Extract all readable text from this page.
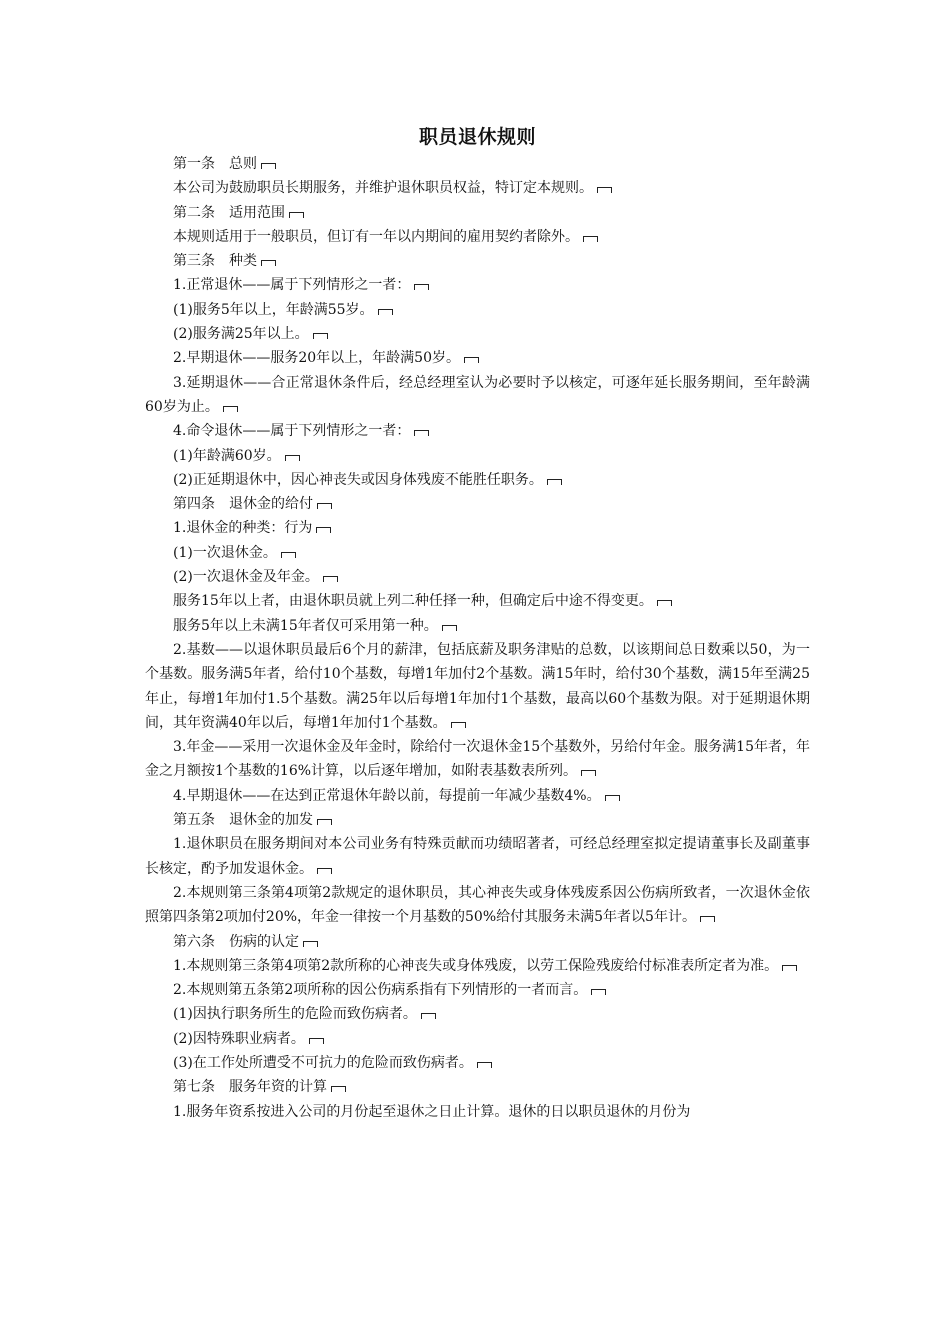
职员退休规则

第一条　总则

本公司为鼓励职员长期服务，并维护退休职员权益，特订定本规则。

第二条　适用范围

本规则适用于一般职员，但订有一年以内期间的雇用契约者除外。

第三条　种类

1.正常退休——属于下列情形之一者：

(1)服务5年以上，年龄满55岁。

(2)服务满25年以上。

2.早期退休——服务20年以上，年龄满50岁。

3.延期退休——合正常退休条件后，经总经理室认为必要时予以核定，可逐年延长服务期间，至年龄满60岁为止。

4.命令退休——属于下列情形之一者：

(1)年龄满60岁。

(2)正延期退休中，因心神丧失或因身体残废不能胜任职务。

第四条　退休金的给付

1.退休金的种类：行为

(1)一次退休金。

(2)一次退休金及年金。

服务15年以上者，由退休职员就上列二种任择一种，但确定后中途不得变更。

服务5年以上未满15年者仅可采用第一种。

2.基数——以退休职员最后6个月的薪津，包括底薪及职务津贴的总数，以该期间总日数乘以50，为一个基数。服务满5年者，给付10个基数，每增1年加付2个基数。满15年时，给付30个基数，满15年至满25年止，每增1年加付1.5个基数。满25年以后每增1年加付1个基数，最高以60个基数为限。对于延期退休期间，其年资满40年以后，每增1年加付1个基数。

3.年金——采用一次退休金及年金时，除给付一次退休金15个基数外，另给付年金。服务满15年者，年金之月额按1个基数的16%计算，以后逐年增加，如附表基数表所列。

4.早期退休——在达到正常退休年龄以前，每提前一年减少基数4%。

第五条　退休金的加发

1.退休职员在服务期间对本公司业务有特殊贡献而功绩昭著者，可经总经理室拟定提请董事长及副董事长核定，酌予加发退休金。

2.本规则第三条第4项第2款规定的退休职员，其心神丧失或身体残废系因公伤病所致者，一次退休金依照第四条第2项加付20%，年金一律按一个月基数的50%给付其服务未满5年者以5年计。

第六条　伤病的认定

1.本规则第三条第4项第2款所称的心神丧失或身体残废，以劳工保险残废给付标准表所定者为准。

2.本规则第五条第2项所称的因公伤病系指有下列情形的一者而言。

(1)因执行职务所生的危险而致伤病者。

(2)因特殊职业病者。

(3)在工作处所遭受不可抗力的危险而致伤病者。

第七条　服务年资的计算

1.服务年资系按进入公司的月份起至退休之日止计算。退休的日以职员退休的月份为
